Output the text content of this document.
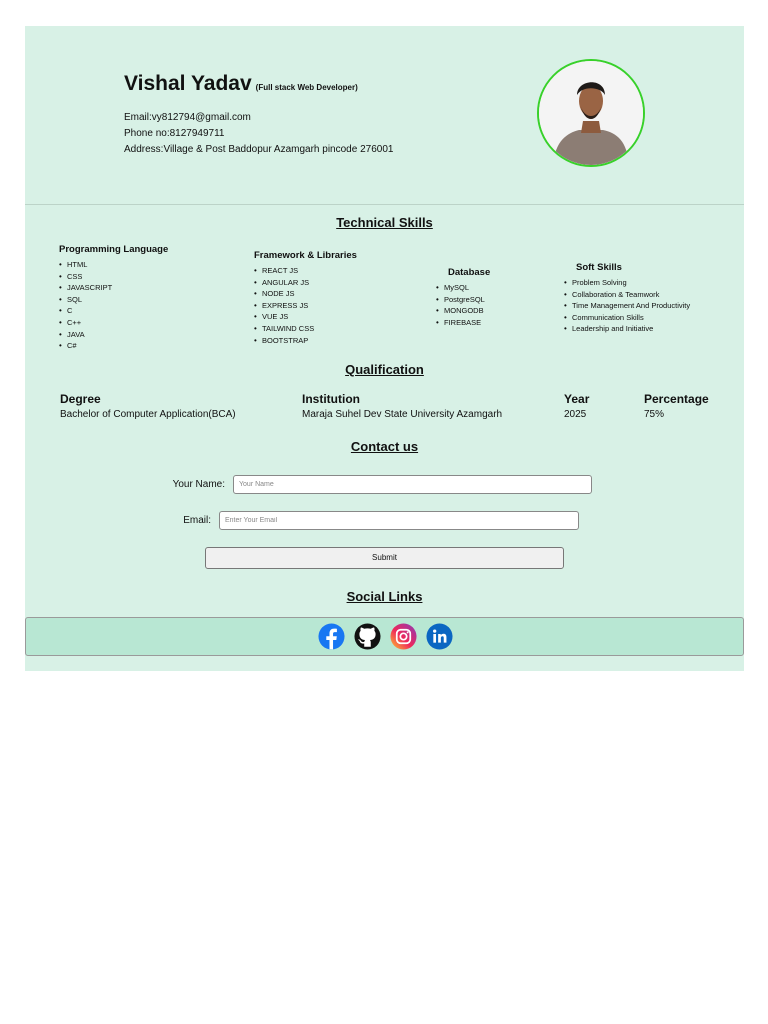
Vishal Yadav (Full stack Web Developer)
Email:vy812794@gmail.com
Phone no:8127949711
Address:Village & Post Baddopur Azamgarh pincode 276001
Technical Skills
Programming Language
• HTML
• CSS
• JAVASCRIPT
• SQL
• C
• C++
• JAVA
• C#
Framework & Libraries
• REACT JS
• ANGULAR JS
• NODE JS
• EXPRESS JS
• VUE JS
• TAILWIND CSS
• BOOTSTRAP
Database
• MySQL
• PostgreSQL
• MONGODB
• FIREBASE
Soft Skills
• Problem Solving
• Collaboration & Teamwork
• Time Management And Productivity
• Communication Skills
• Leadership and Initiative
Qualification
Degree	Institution	Year	Percentage
Bachelor of Computer Application(BCA)	Maraja Suhel Dev State University Azamgarh	2025	75%
Contact us
Your Name:
Your Name
Email:
Enter Your Email
Submit
Social Links
